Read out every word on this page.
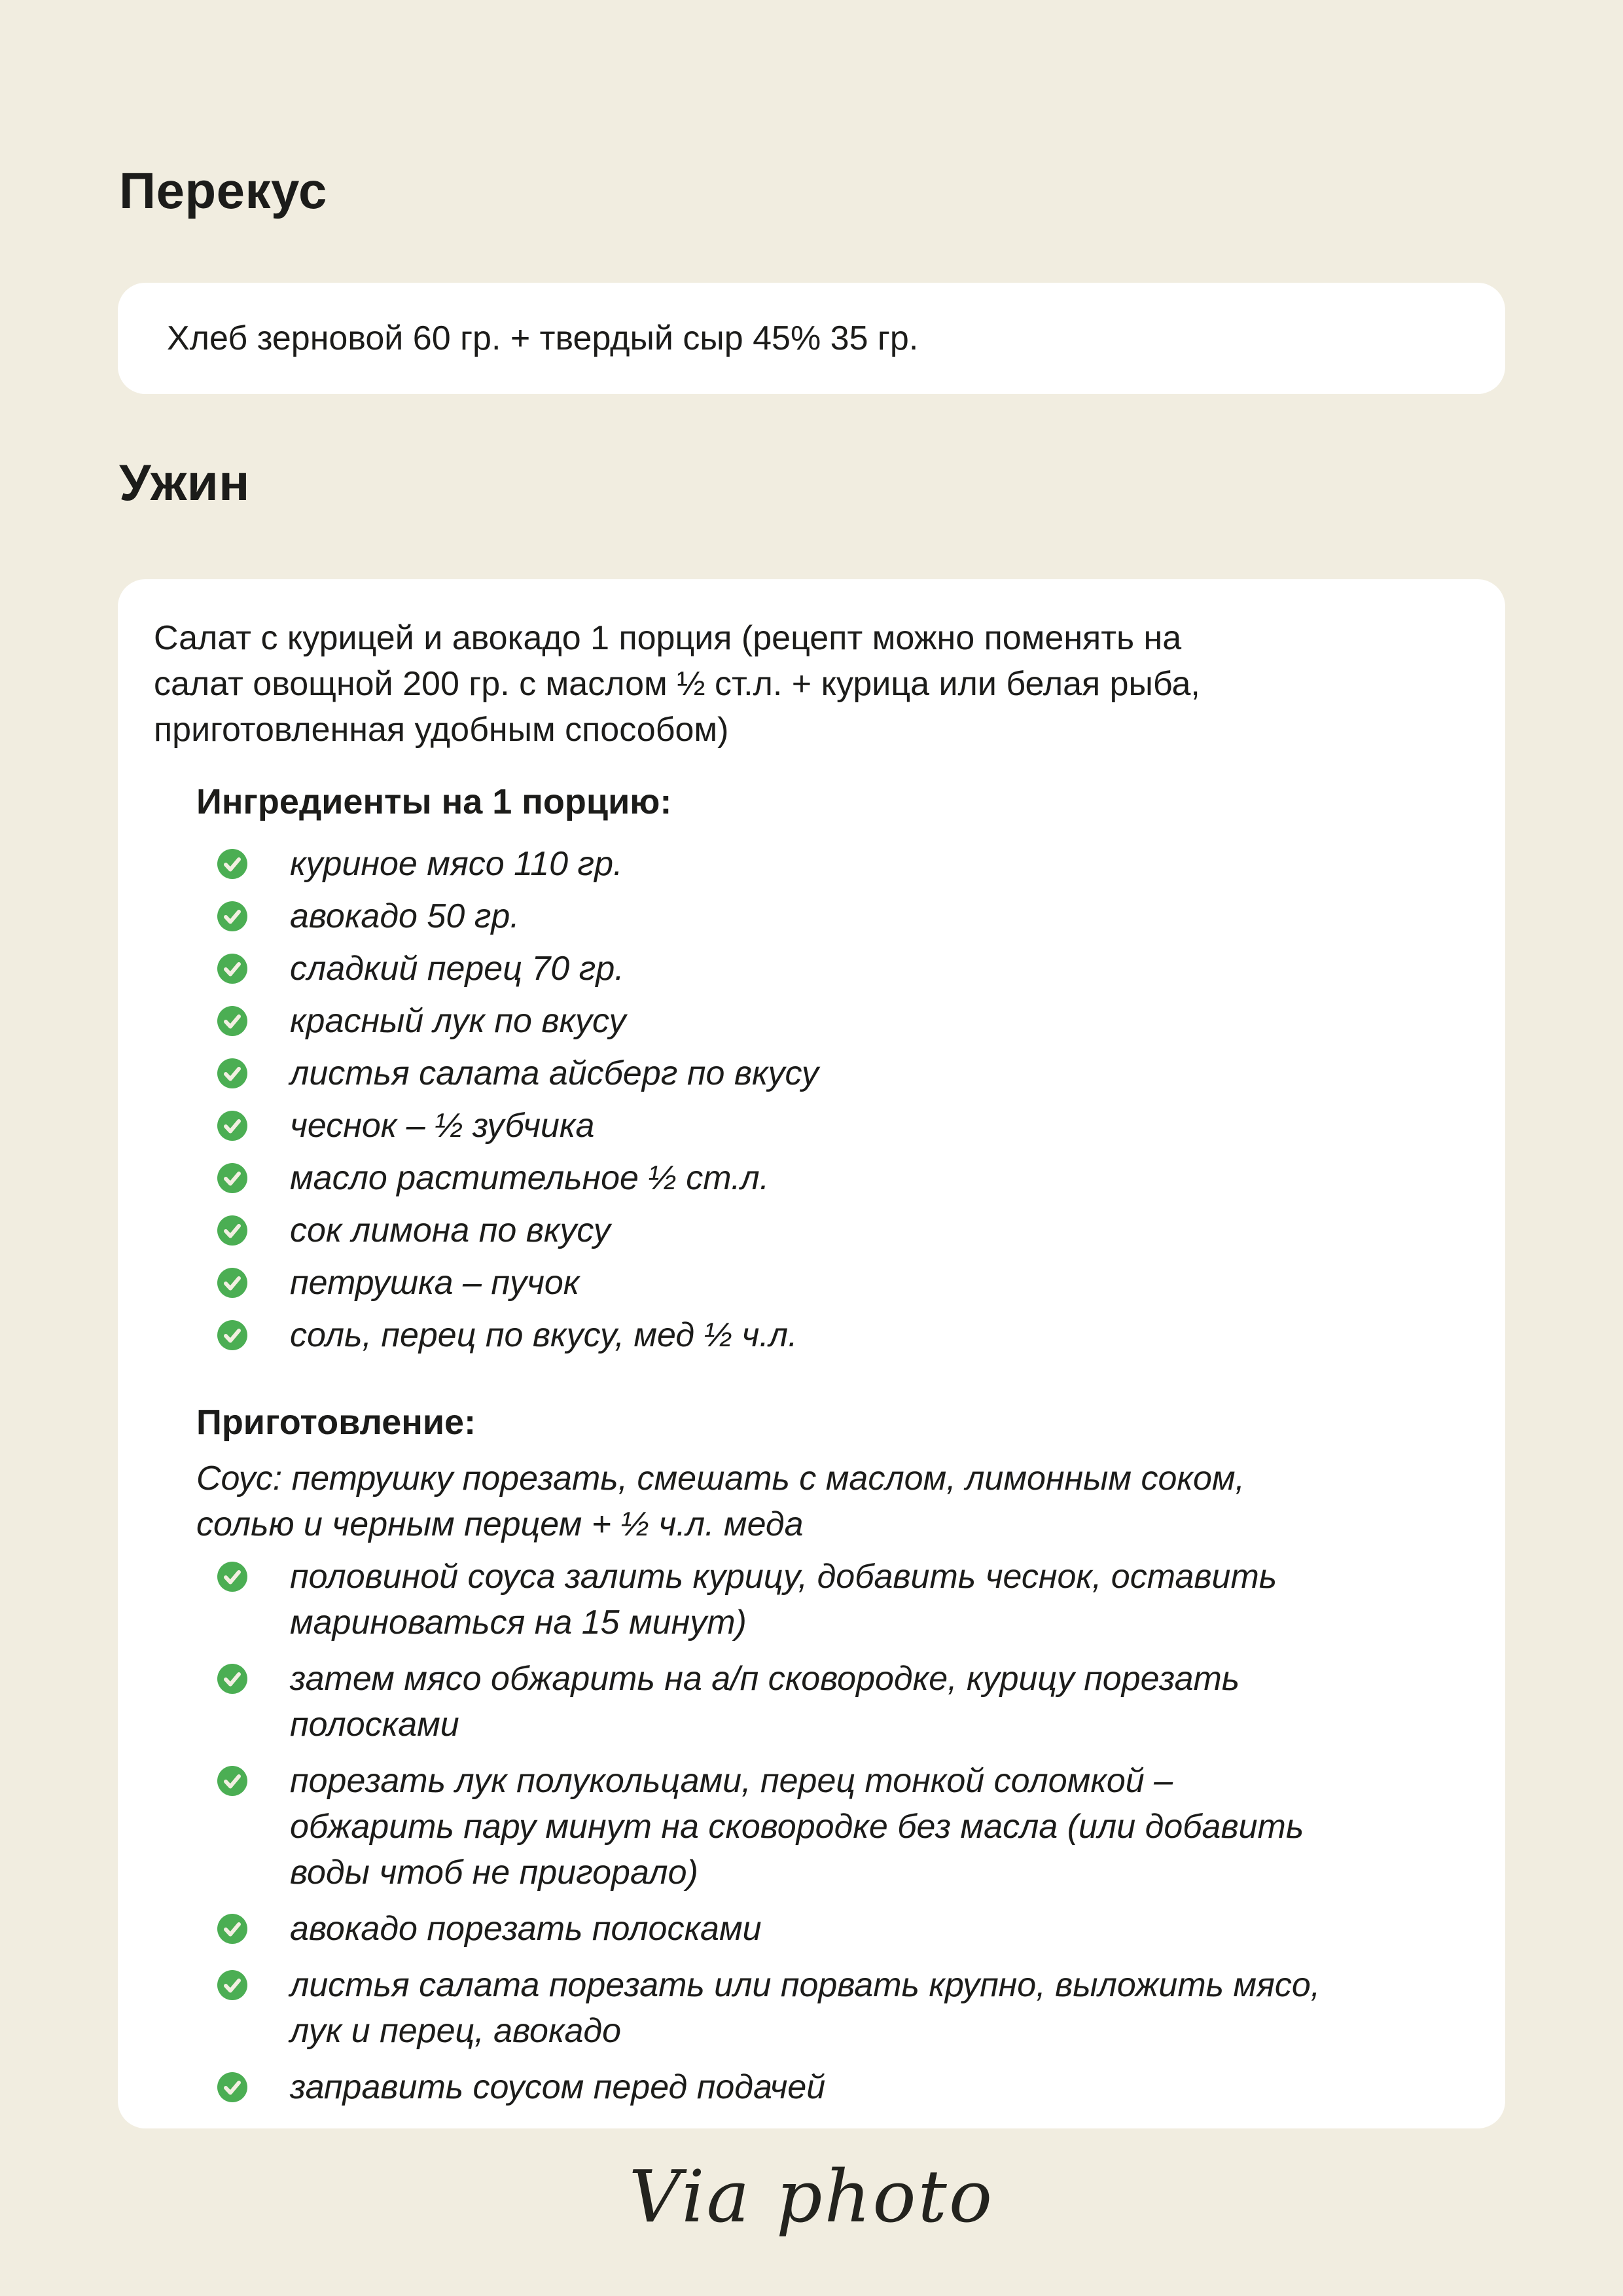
Перекус

Хлеб зерновой 60 гр. + твердый сыр 45% 35 гр.

Ужин
Салат с курицей и авокадо 1 порция (рецепт можно поменять на
салат овощной 200 гр. с маслом ½ ст.л. + курица или белая рыба,
приготовленная удобным способом)
Ингредиенты на 1 порцию:
куриное мясо 110 гр.
авокадо 50 гр.
сладкий перец 70 гр.
красный лук по вкусу
листья салата айсберг по вкусу
чеснок – ½ зубчика
масло растительное ½ ст.л.
сок лимона по вкусу
петрушка – пучок
соль, перец по вкусу, мед ½ ч.л.
Приготовление:
Соус: петрушку порезать, смешать с маслом, лимонным соком,
солью и черным перцем + ½ ч.л. меда
половиной соуса залить курицу, добавить чеснок, оставить
мариноваться на 15 минут)
затем мясо обжарить на а/п сковородке, курицу порезать
полосками
порезать лук полукольцами, перец тонкой соломкой –
обжарить пару минут на сковородке без масла (или добавить
воды чтоб не пригорало)
авокадо порезать полосками
листья салата порезать или порвать крупно, выложить мясо,
лук и перец, авокадо
заправить соусом перед подачей
Via photo
